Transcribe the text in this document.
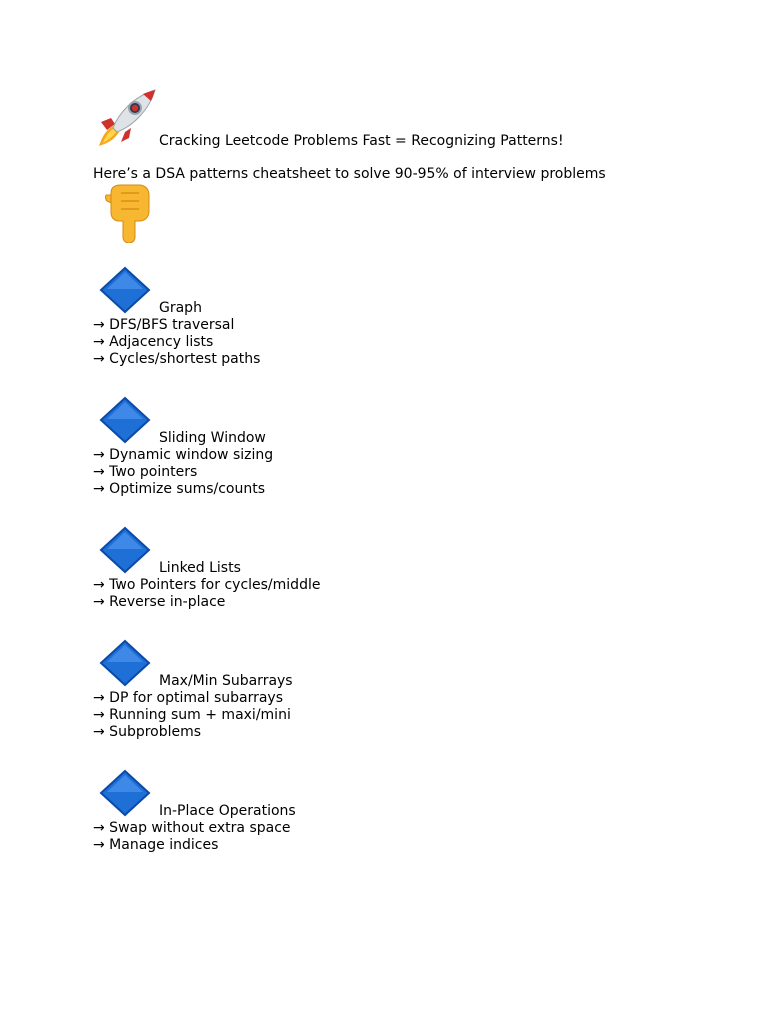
Cracking Leetcode Problems Fast = Recognizing Patterns!
Here’s a DSA patterns cheatsheet to solve 90-95% of interview problems
Graph
→ DFS/BFS traversal
→ Adjacency lists
→ Cycles/shortest paths
Sliding Window
→ Dynamic window sizing
→ Two pointers
→ Optimize sums/counts
Linked Lists
→ Two Pointers for cycles/middle
→ Reverse in-place
Max/Min Subarrays
→ DP for optimal subarrays
→ Running sum + maxi/mini
→ Subproblems
In-Place Operations
→ Swap without extra space
→ Manage indices
